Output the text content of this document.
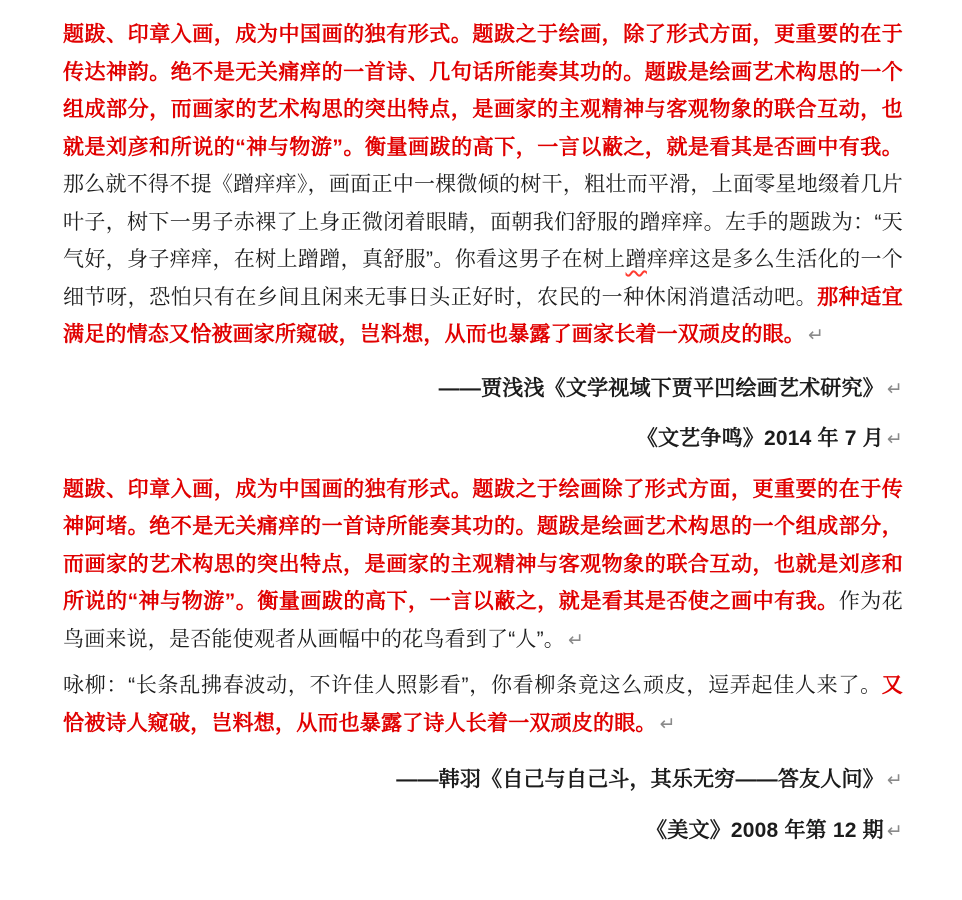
题跋、印章入画，成为中国画的独有形式。题跋之于绘画，除了形式方面，更重要的在于传达神韵。绝不是无关痛痒的一首诗、几句话所能奏其功的。题跋是绘画艺术构思的一个组成部分，而画家的艺术构思的突出特点，是画家的主观精神与客观物象的联合互动，也就是刘彦和所说的“神与物游”。衡量画跋的高下，一言以蔽之，就是看其是否画中有我。那么就不得不提《蹭痒痒》，画面正中一棵微倾的树干，粗壮而平滑，上面零星地缀着几片叶子，树下一男子赤裸了上身正微闭着眼睛，面朝我们舒服的蹭痒痒。左手的题跋为：“天气好，身子痒痒，在树上蹭蹭，真舒服”。你看这男子在树上蹭痒痒这是多么生活化的一个细节呀，恐怕只有在乡间且闲来无事日头正好时，农民的一种休闲消遣活动吧。那种适宜满足的情态又恰被画家所窥破，岂料想，从而也暴露了画家长着一双顽皮的眼。 ↵
——贾浅浅《文学视域下贾平凹绘画艺术研究》 ↵
《文艺争鸣》2014 年 7 月 ↵
题跋、印章入画，成为中国画的独有形式。题跋之于绘画除了形式方面，更重要的在于传神阿堵。绝不是无关痛痒的一首诗所能奏其功的。题跋是绘画艺术构思的一个组成部分，而画家的艺术构思的突出特点，是画家的主观精神与客观物象的联合互动，也就是刘彦和所说的“神与物游”。衡量画跋的高下，一言以蔽之，就是看其是否使之画中有我。作为花鸟画来说，是否能使观者从画幅中的花鸟看到了“人”。 ↵
咏柳：“长条乱拂春波动，不许佳人照影看”，你看柳条竟这么顽皮，逗弄起佳人来了。又恰被诗人窥破，岂料想，从而也暴露了诗人长着一双顽皮的眼。 ↵
——韩羽《自己与自己斗，其乐无穷——答友人问》 ↵
《美文》2008 年第 12 期 ↵
